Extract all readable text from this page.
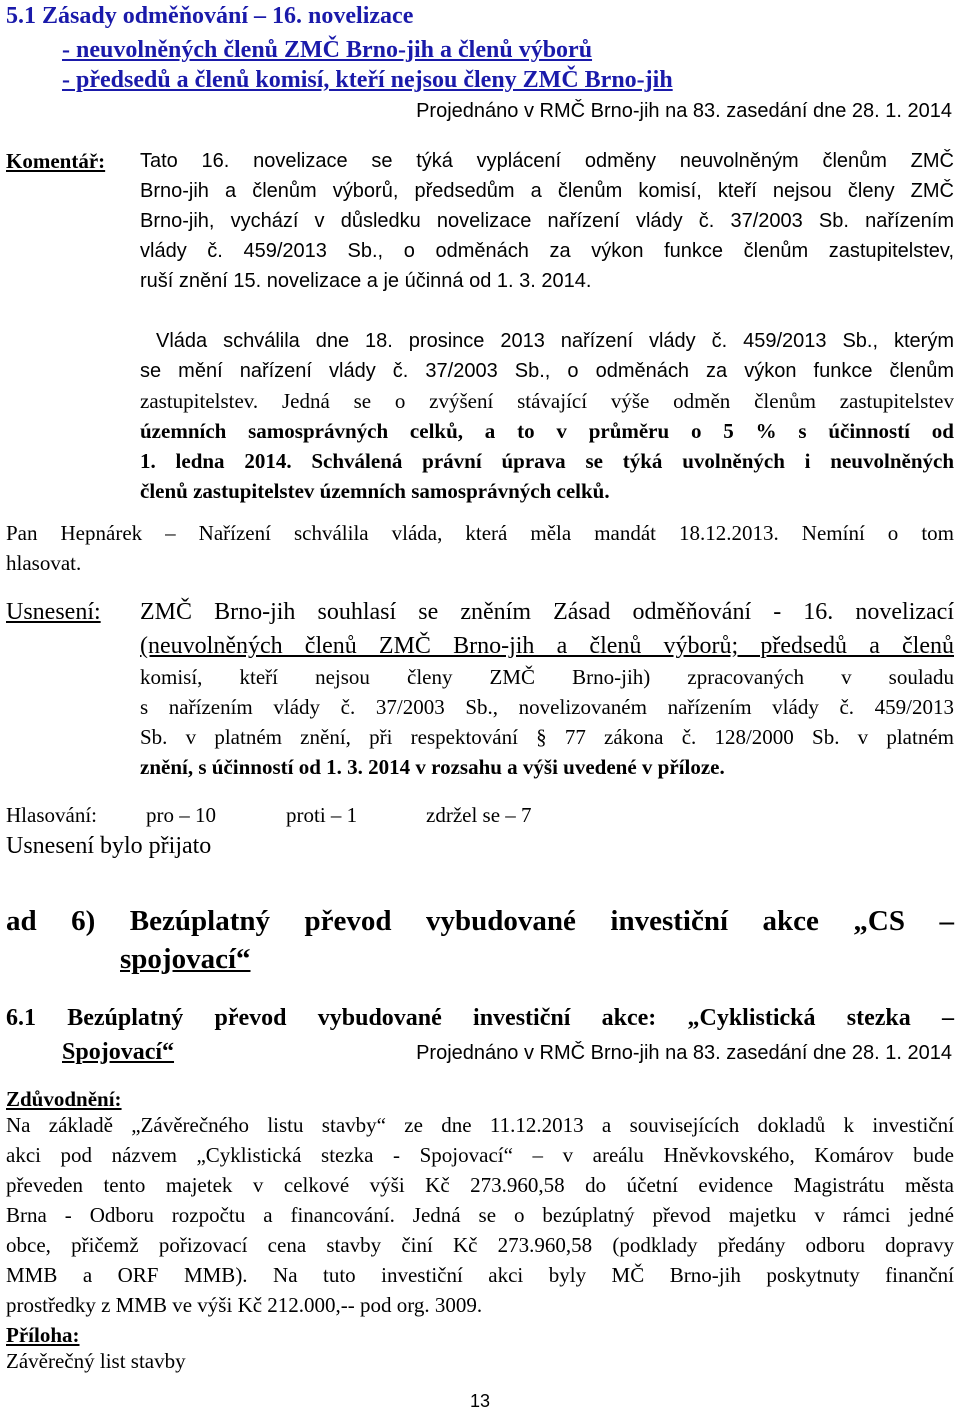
5.1 Zásady odměňování – 16. novelizace
- neuvolněných členů ZMČ Brno-jih a členů výborů
- předsedů a členů komisí, kteří nejsou členy ZMČ Brno-jih
Projednáno v RMČ Brno-jih na 83. zasedání dne 28. 1. 2014
Komentář: Tato 16. novelizace se týká vyplácení odměny neuvolněným členům ZMČ
Brno-jih a členům výborů, předsedům a členům komisí, kteří nejsou členy ZMČ
Brno-jih, vychází v důsledku novelizace nařízení vlády č. 37/2003 Sb. nařízením
vlády č. 459/2013 Sb., o odměnách za výkon funkce členům zastupitelstev,
ruší znění 15. novelizace a je účinná od 1. 3. 2014.
Vláda schválila dne 18. prosince 2013 nařízení vlády č. 459/2013 Sb., kterým
se mění nařízení vlády č. 37/2003 Sb., o odměnách za výkon funkce členům
zastupitelstev. Jedná se o zvýšení stávající výše odměn členům zastupitelstev
územních samosprávných celků, a to v průměru o 5 % s účinností od
1. ledna 2014. Schválená právní úprava se týká uvolněných i neuvolněných
členů zastupitelstev územních samosprávných celků.
Pan Hepnárek – Nařízení schválila vláda, která měla mandát 18.12.2013. Nemíní o tom
hlasovat.
Usnesení: ZMČ Brno-jih souhlasí se zněním Zásad odměňování - 16. novelizací
(neuvolněných členů ZMČ Brno-jih a členů výborů; předsedů a členů
komisí, kteří nejsou členy ZMČ Brno-jih) zpracovaných v souladu
s nařízením vlády č. 37/2003 Sb., novelizovaném nařízením vlády č. 459/2013
Sb. v platném znění, při respektování § 77 zákona č. 128/2000 Sb. v platném
znění, s účinností od 1. 3. 2014 v rozsahu a výši uvedené v příloze.
Hlasování: pro – 10	proti – 1	zdržel se – 7
Usnesení bylo přijato
ad 6) Bezúplatný převod vybudované investiční akce „CS –
spojovací“
6.1 Bezúplatný převod vybudované investiční akce: „Cyklistická stezka –
Spojovací“	Projednáno v RMČ Brno-jih na 83. zasedání dne 28. 1. 2014
Zdůvodnění:
Na základě „Závěrečného listu stavby“ ze dne 11.12.2013 a souvisejících dokladů k investiční
akci pod názvem „Cyklistická stezka - Spojovací“ – v areálu Hněvkovského, Komárov bude
převeden tento majetek v celkové výši Kč 273.960,58 do účetní evidence Magistrátu města
Brna - Odboru rozpočtu a financování. Jedná se o bezúplatný převod majetku v rámci jedné
obce, přičemž pořizovací cena stavby činí Kč 273.960,58 (podklady předány odboru dopravy
MMB a ORF MMB). Na tuto investiční akci byly MČ Brno-jih poskytnuty finanční
prostředky z MMB ve výši Kč 212.000,-- pod org. 3009.
Příloha:
Závěrečný list stavby
13
